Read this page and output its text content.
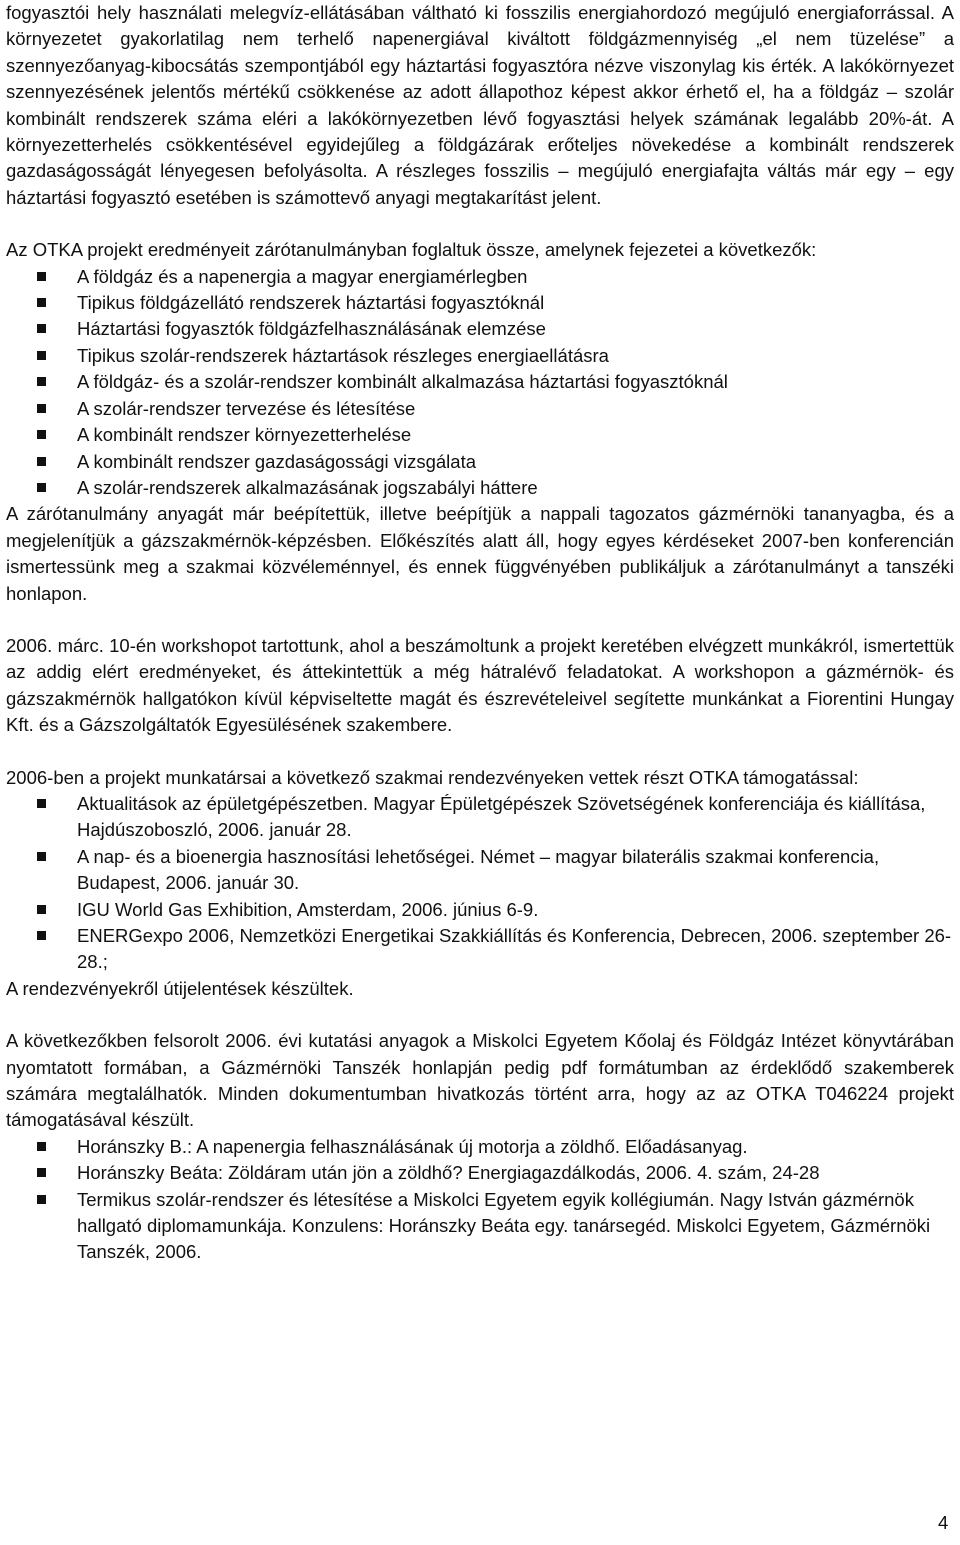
fogyasztói hely használati melegvíz-ellátásában váltható ki fosszilis energiahordozó megújuló energiaforrással. A környezetet gyakorlatilag nem terhelő napenergiával kiváltott földgázmennyiség „el nem tüzelése” a szennyezőanyag-kibocsátás szempontjából egy háztartási fogyasztóra nézve viszonylag kis érték. A lakókörnyezet szennyezésének jelentős mértékű csökkenése az adott állapothoz képest akkor érhető el, ha a földgáz – szolár kombinált rendszerek száma eléri a lakókörnyezetben lévő fogyasztási helyek számának legalább 20%-át. A környezetterhelés csökkentésével egyidejűleg a földgázárak erőteljes növekedése a kombinált rendszerek gazdaságosságát lényegesen befolyásolta. A részleges fosszilis – megújuló energiafajta váltás már egy – egy háztartási fogyasztó esetében is számottevő anyagi megtakarítást jelent.

Az OTKA projekt eredményeit zárótanulmányban foglaltuk össze, amelynek fejezetei a következők:

A földgáz és a napenergia a magyar energiamérlegben
Tipikus földgázellátó rendszerek háztartási fogyasztóknál
Háztartási fogyasztók földgázfelhasználásának elemzése
Tipikus szolár-rendszerek háztartások részleges energiaellátásra
A földgáz- és a szolár-rendszer kombinált alkalmazása háztartási fogyasztóknál
A szolár-rendszer tervezése és létesítése
A kombinált rendszer környezetterhelése
A kombinált rendszer gazdaságossági vizsgálata
A szolár-rendszerek alkalmazásának jogszabályi háttere

A zárótanulmány anyagát már beépítettük, illetve beépítjük a nappali tagozatos gázmérnöki tananyagba, és a megjelenítjük a gázszakmérnök-képzésben. Előkészítés alatt áll, hogy egyes kérdéseket 2007-ben konferencián ismertessünk meg a szakmai közvéleménnyel, és ennek függvényében publikáljuk a zárótanulmányt a tanszéki honlapon.

2006. márc. 10-én workshopot tartottunk, ahol a beszámoltunk a projekt keretében elvégzett munkákról, ismertettük az addig elért eredményeket, és áttekintettük a még hátralévő feladatokat. A workshopon a gázmérnök- és gázszakmérnök hallgatókon kívül képviseltette magát és észrevételeivel segítette munkánkat a Fiorentini Hungay Kft. és a Gázszolgáltatók Egyesülésének szakembere.

2006-ben a projekt munkatársai a következő szakmai rendezvényeken vettek részt OTKA támogatással:

Aktualitások az épületgépészetben. Magyar Épületgépészek Szövetségének konferenciája és kiállítása, Hajdúszoboszló, 2006. január 28.
A nap- és a bioenergia hasznosítási lehetőségei. Német – magyar bilaterális szakmai konferencia, Budapest, 2006. január 30.
IGU World Gas Exhibition, Amsterdam, 2006. június 6-9.
ENERGexpo 2006, Nemzetközi Energetikai Szakkiállítás és Konferencia, Debrecen, 2006. szeptember 26-28.;

A rendezvényekről útijelentések készültek.

A következőkben felsorolt 2006. évi kutatási anyagok a Miskolci Egyetem Kőolaj és Földgáz Intézet könyvtárában nyomtatott formában, a Gázmérnöki Tanszék honlapján pedig pdf formátumban az érdeklődő szakemberek számára megtalálhatók. Minden dokumentumban hivatkozás történt arra, hogy az az OTKA T046224 projekt támogatásával készült.

Horánszky B.: A napenergia felhasználásának új motorja a zöldhő. Előadásanyag.
Horánszky Beáta: Zöldáram után jön a zöldhő? Energiagazdálkodás, 2006. 4. szám, 24-28
Termikus szolár-rendszer és létesítése a Miskolci Egyetem egyik kollégiumán. Nagy István gázmérnök hallgató diplomamunkája. Konzulens: Horánszky Beáta egy. tanársegéd. Miskolci Egyetem, Gázmérnöki Tanszék, 2006.
4
